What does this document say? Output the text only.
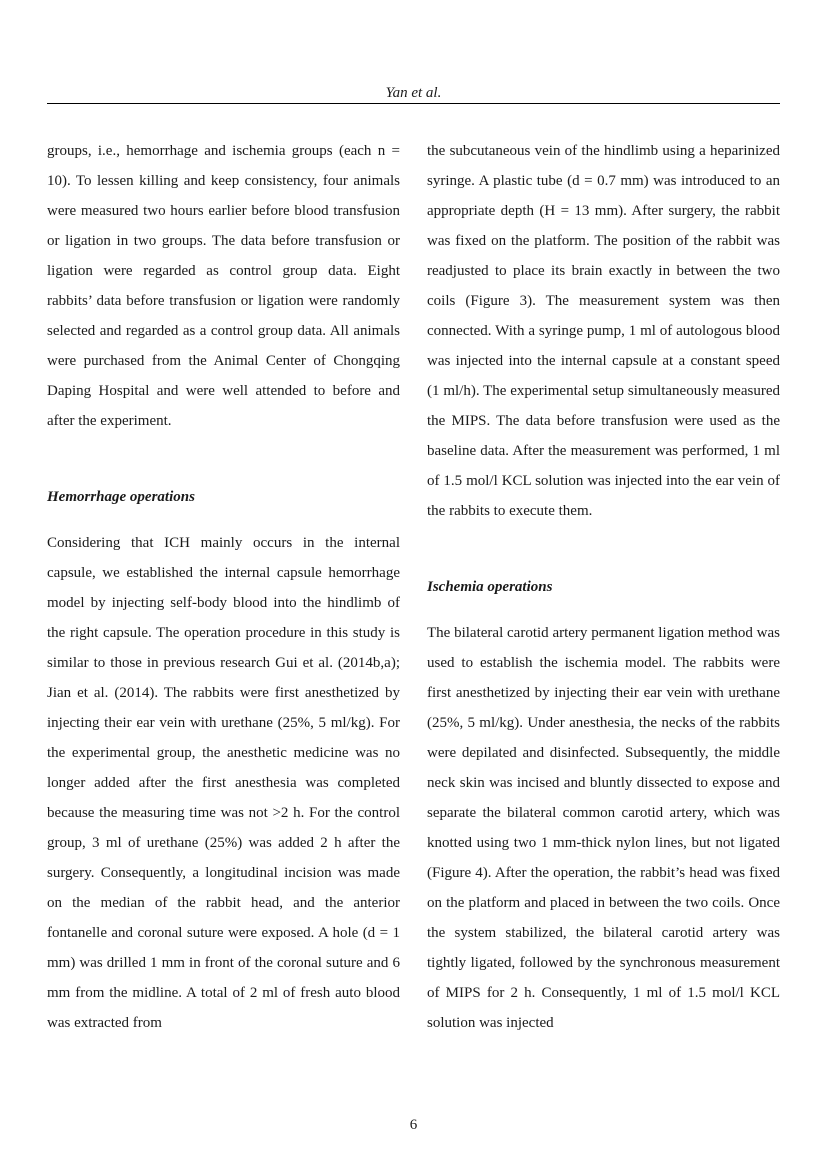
Yan et al.

groups, i.e., hemorrhage and ischemia groups (each n = 10). To lessen killing and keep consistency, four animals were measured two hours earlier before blood transfusion or ligation in two groups. The data before transfusion or ligation were regarded as control group data. Eight rabbits’ data before transfusion or ligation were randomly selected and regarded as a control group data. All animals were purchased from the Animal Center of Chongqing Daping Hospital and were well attended to before and after the experiment.

Hemorrhage operations

Considering that ICH mainly occurs in the internal capsule, we established the internal capsule hemorrhage model by injecting self-body blood into the hindlimb of the right capsule. The operation procedure in this study is similar to those in previous research Gui et al. (2014b,a); Jian et al. (2014). The rabbits were first anesthetized by injecting their ear vein with urethane (25%, 5 ml/kg). For the experimental group, the anesthetic medicine was no longer added after the first anesthesia was completed because the measuring time was not >2 h. For the control group, 3 ml of urethane (25%) was added 2 h after the surgery. Consequently, a longitudinal incision was made on the median of the rabbit head, and the anterior fontanelle and coronal suture were exposed. A hole (d = 1 mm) was drilled 1 mm in front of the coronal suture and 6 mm from the midline. A total of 2 ml of fresh auto blood was extracted from

the subcutaneous vein of the hindlimb using a heparinized syringe. A plastic tube (d = 0.7 mm) was introduced to an appropriate depth (H = 13 mm). After surgery, the rabbit was fixed on the platform. The position of the rabbit was readjusted to place its brain exactly in between the two coils (Figure 3). The measurement system was then connected. With a syringe pump, 1 ml of autologous blood was injected into the internal capsule at a constant speed (1 ml/h). The experimental setup simultaneously measured the MIPS. The data before transfusion were used as the baseline data. After the measurement was performed, 1 ml of 1.5 mol/l KCL solution was injected into the ear vein of the rabbits to execute them.

Ischemia operations

The bilateral carotid artery permanent ligation method was used to establish the ischemia model. The rabbits were first anesthetized by injecting their ear vein with urethane (25%, 5 ml/kg). Under anesthesia, the necks of the rabbits were depilated and disinfected. Subsequently, the middle neck skin was incised and bluntly dissected to expose and separate the bilateral common carotid artery, which was knotted using two 1 mm-thick nylon lines, but not ligated (Figure 4). After the operation, the rabbit’s head was fixed on the platform and placed in between the two coils. Once the system stabilized, the bilateral carotid artery was tightly ligated, followed by the synchronous measurement of MIPS for 2 h. Consequently, 1 ml of 1.5 mol/l KCL solution was injected

6
